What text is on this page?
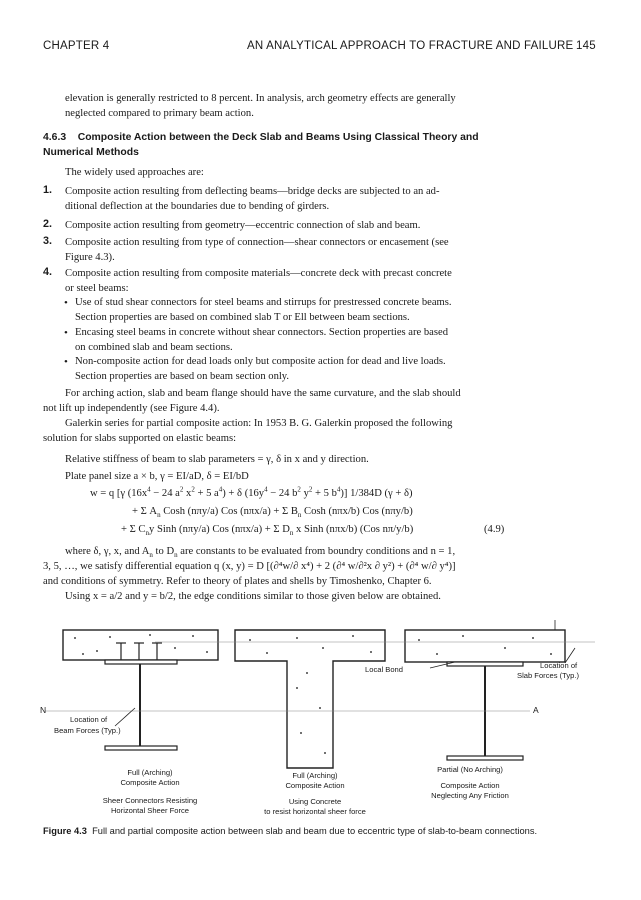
CHAPTER 4	AN ANALYTICAL APPROACH TO FRACTURE AND FAILURE 145
elevation is generally restricted to 8 percent. In analysis, arch geometry effects are generally
neglected compared to primary beam action.
4.6.3 Composite Action between the Deck Slab and Beams Using Classical Theory and
Numerical Methods
The widely used approaches are:
1. Composite action resulting from deflecting beams—bridge decks are subjected to an ad-
ditional deflection at the boundaries due to bending of girders.
2. Composite action resulting from geometry—eccentric connection of slab and beam.
3. Composite action resulting from type of connection—shear connectors or encasement (see
Figure 4.3).
4. Composite action resulting from composite materials—concrete deck with precast concrete
or steel beams:
• Use of stud shear connectors for steel beams and stirrups for prestressed concrete beams.
Section properties are based on combined slab T or Ell between beam sections.
• Encasing steel beams in concrete without shear connectors. Section properties are based
on combined slab and beam sections.
• Non-composite action for dead loads only but composite action for dead and live loads.
Section properties are based on beam section only.
For arching action, slab and beam flange should have the same curvature, and the slab should
not lift up independently (see Figure 4.4).
Galerkin series for partial composite action: In 1953 B. G. Galerkin proposed the following
solution for slabs supported on elastic beams:
Relative stiffness of beam to slab parameters = γ, δ in x and y direction.
Plate panel size a × b, γ = EI/aD, δ = EI/bD
w = q [γ ($16x^4 - 24$ $a^2$ $x^2 + 5$ $a^4) + \delta$ ($16y^4 - 24$ $b^2$ $y^2 + 5$ $b^4$)] 1/384D (γ + δ)
+ Σ $A_n$ Cosh (nπy/a) Cos (nπx/a) + Σ $B_n$ Cosh (nπx/b) Cos (nπy/b)
+ Σ $C_ny$ Sinh (nπy/a) Cos (nπx/a) + Σ $D_n$ x Sinh (nπx/b) (Cos nπ/y/b)	(4.9)
where δ, γ, x, and $A_n$ to $D_n$ are constants to be evaluated from boundry conditions and n = 1,
3, 5, …, we satisfy differential equation q (x, y) = D [(∂⁴w/∂ x⁴) + 2 (∂⁴ w/∂²x ∂ y²) + (∂⁴ w/∂ y⁴)]
and conditions of symmetry. Refer to theory of plates and shells by Timoshenko, Chapter 6.
Using x = a/2 and y = b/2, the edge conditions similar to those given below are obtained.
Local Bond	Location of
Slab Forces (Typ.)
N	A
Location of
Beam Forces (Typ.)
Full (Arching)
Composite Action
Sheer Connectors Resisting
Horizontal Sheer Force
Full (Arching)
Composite Action
Using Concrete
to resist horizontal sheer force
Partial (No Arching)
Composite Action
Neglecting Any Friction
Figure 4.3 Full and partial composite action between slab and beam due to eccentric type of slab-to-beam connections.
